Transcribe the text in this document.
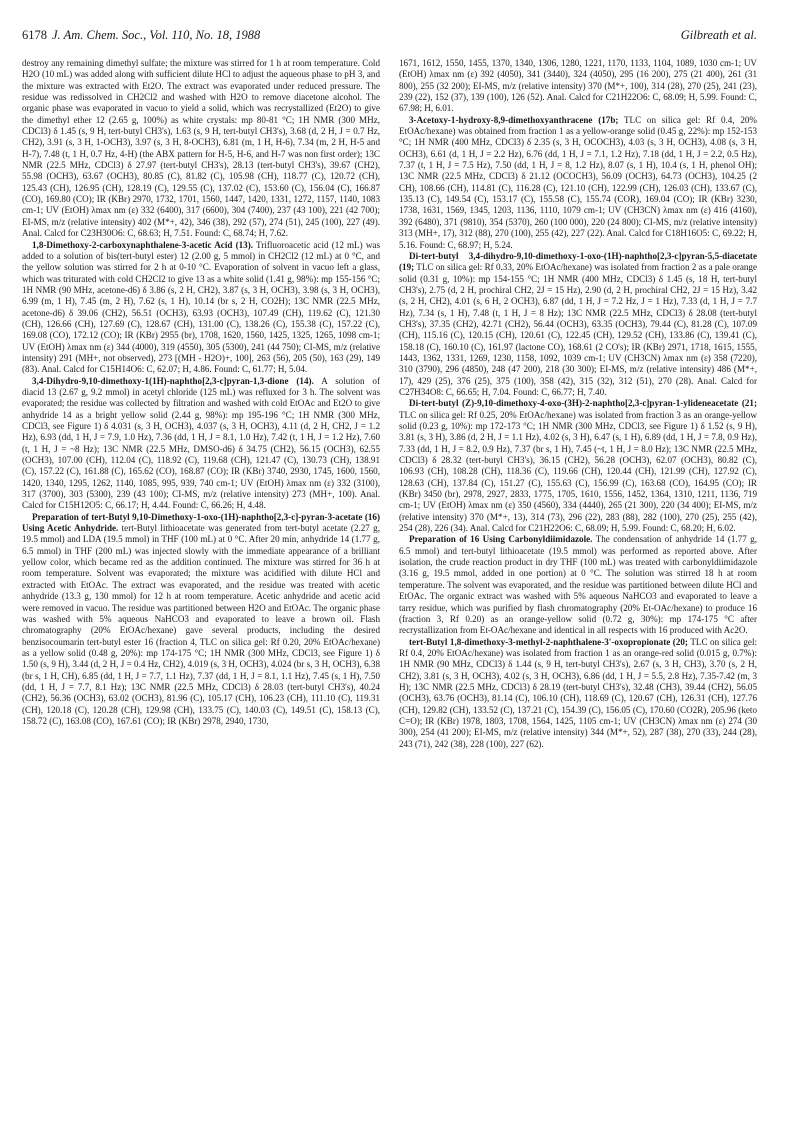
6178 J. Am. Chem. Soc., Vol. 110, No. 18, 1988	Gilbreath et al.

destroy any remaining dimethyl sulfate; the mixture was stirred for 1 h at room temperature. Cold H2O (10 mL) was added along with sufficient dilute HCl to adjust the aqueous phase to pH 3, and the mixture was extracted with Et2O. The extract was evaporated under reduced pressure. The residue was redissolved in CH2Cl2 and washed with H2O to remove diacetone alcohol. The organic phase was evaporated in vacuo to yield a solid, which was recrystallized (Et2O) to give the dimethyl ether 12 (2.65 g, 100%) as white crystals: mp 80-81 °C; 1H NMR (300 MHz, CDCl3) δ 1.45 (s, 9 H, tert-butyl CH3's), 1.63 (s, 9 H, tert-butyl CH3's), 3.68 (d, 2 H, J = 0.7 Hz, CH2), 3.91 (s, 3 H, 1-OCH3), 3.97 (s, 3 H, 8-OCH3), 6.81 (m, 1 H, H-6), 7.34 (m, 2 H, H-5 and H-7), 7.48 (t, 1 H, 0.7 Hz, 4-H) (the ABX pattern for H-5, H-6, and H-7 was non first order); 13C NMR (22.5 MHz, CDCl3) δ 27.97 (tert-butyl CH3's), 28.13 (tert-butyl CH3's), 39.67 (CH2), 55.98 (OCH3), 63.67 (OCH3), 80.85 (C), 81.82 (C), 105.98 (CH), 118.77 (C), 120.72 (CH), 125.43 (CH), 126.95 (CH), 128.19 (C), 129.55 (C), 137.02 (C), 153.60 (C), 156.04 (C), 166.87 (CO), 169.80 (CO); IR (KBr) 2970, 1732, 1701, 1560, 1447, 1420, 1331, 1272, 1157, 1140, 1083 cm-1; UV (EtOH) λmax nm (ε) 332 (6400), 317 (6600), 304 (7400), 237 (43 100), 221 (42 700); EI-MS, m/z (relative intensity) 402 (M*+, 42), 346 (38), 292 (57), 274 (51), 245 (100), 227 (49). Anal. Calcd for C23H30O6: C, 68.63; H, 7.51. Found: C, 68.74; H, 7.62.

1,8-Dimethoxy-2-carboxynaphthalene-3-acetic Acid (13). Trifluoroacetic acid (12 mL) was added to a solution of bis(tert-butyl ester) 12 (2.00 g, 5 mmol) in CH2Cl2 (12 mL) at 0 °C, and the yellow solution was stirred for 2 h at 0-10 °C. Evaporation of solvent in vacuo left a glass, which was triturated with cold CH2Cl2 to give 13 as a white solid (1.41 g, 98%): mp 155-156 °C; 1H NMR (90 MHz, acetone-d6) δ 3.86 (s, 2 H, CH2), 3.87 (s, 3 H, OCH3), 3.98 (s, 3 H, OCH3), 6.99 (m, 1 H), 7.45 (m, 2 H), 7.62 (s, 1 H), 10.14 (br s, 2 H, CO2H); 13C NMR (22.5 MHz, acetone-d6) δ 39.06 (CH2), 56.51 (OCH3), 63.93 (OCH3), 107.49 (CH), 119.62 (C), 121.30 (CH), 126.66 (CH), 127.69 (C), 128.67 (CH), 131.00 (C), 138.26 (C), 155.38 (C), 157.22 (C), 169.08 (CO), 172.12 (CO); IR (KBr) 2955 (br), 1708, 1620, 1560, 1425, 1325, 1265, 1098 cm-1; UV (EtOH) λmax nm (ε) 344 (4000), 319 (4550), 305 (5300), 241 (44 750); CI-MS, m/z (relative intensity) 291 (MH+, not observed), 273 [(MH - H2O)+, 100], 263 (56), 205 (50), 163 (29), 149 (83). Anal. Calcd for C15H14O6: C, 62.07; H, 4.86. Found: C, 61.77; H, 5.04.

3,4-Dihydro-9,10-dimethoxy-1(1H)-naphtho[2,3-c]pyran-1,3-dione (14). A solution of diacid 13 (2.67 g, 9.2 mmol) in acetyl chloride (125 mL) was refluxed for 3 h. The solvent was evaporated; the residue was collected by filtration and washed with cold EtOAc and Et2O to give anhydride 14 as a bright yellow solid (2.44 g, 98%): mp 195-196 °C; 1H NMR (300 MHz, CDCl3, see Figure 1) δ 4.031 (s, 3 H, OCH3), 4.037 (s, 3 H, OCH3), 4.11 (d, 2 H, CH2, J = 1.2 Hz), 6.93 (dd, 1 H, J = 7.9, 1.0 Hz), 7.36 (dd, 1 H, J = 8.1, 1.0 Hz), 7.42 (t, 1 H, J = 1.2 Hz), 7.60 (t, 1 H, J = ~8 Hz); 13C NMR (22.5 MHz, DMSO-d6) δ 34.75 (CH2), 56.15 (OCH3), 62.55 (OCH3), 107.00 (CH), 112.04 (C), 118.92 (C), 119.68 (CH), 121.47 (C), 130.73 (CH), 138.91 (C), 157.22 (C), 161.88 (C), 165.62 (CO), 168.87 (CO); IR (KBr) 3740, 2930, 1745, 1600, 1560, 1420, 1340, 1295, 1262, 1140, 1085, 995, 939, 740 cm-1; UV (EtOH) λmax nm (ε) 332 (3100), 317 (3700), 303 (5300), 239 (43 100); CI-MS, m/z (relative intensity) 273 (MH+, 100). Anal. Calcd for C15H12O5: C, 66.17; H, 4.44. Found: C, 66.26; H, 4.48.

Preparation of tert-Butyl 9,10-Dimethoxy-1-oxo-(1H)-naphtho[2,3-c]-pyran-3-acetate (16) Using Acetic Anhydride. tert-Butyl lithioacetate was generated from tert-butyl acetate (2.27 g, 19.5 mmol) and LDA (19.5 mmol) in THF (100 mL) at 0 °C. After 20 min, anhydride 14 (1.77 g, 6.5 mmol) in THF (200 mL) was injected slowly with the immediate appearance of a brilliant yellow color, which became red as the addition continued. The mixture was stirred for 36 h at room temperature. Solvent was evaporated; the mixture was acidified with dilute HCl and extracted with EtOAc. The extract was evaporated, and the residue was treated with acetic anhydride (13.3 g, 130 mmol) for 12 h at room temperature. Acetic anhydride and acetic acid were removed in vacuo. The residue was partitioned between H2O and EtOAc. The organic phase was washed with 5% aqueous NaHCO3 and evaporated to leave a brown oil. Flash chromatography (20% EtOAc/hexane) gave several products, including the desired benzisocoumarin tert-butyl ester 16 (fraction 4, TLC on silica gel: Rf 0.20, 20% EtOAc/hexane) as a yellow solid (0.48 g, 20%): mp 174-175 °C; 1H NMR (300 MHz, CDCl3, see Figure 1) δ 1.50 (s, 9 H), 3.44 (d, 2 H, J = 0.4 Hz, CH2), 4.019 (s, 3 H, OCH3), 4.024 (br s, 3 H, OCH3), 6.38 (br s, 1 H, CH), 6.85 (dd, 1 H, J = 7.7, 1.1 Hz), 7.37 (dd, 1 H, J = 8.1, 1.1 Hz), 7.45 (s, 1 H), 7.50 (dd, 1 H, J = 7.7, 8.1 Hz); 13C NMR (22.5 MHz, CDCl3) δ 28.03 (tert-butyl CH3's), 40.24 (CH2), 56.36 (OCH3), 63.02 (OCH3), 81.96 (C), 105.17 (CH), 106.23 (CH), 111.10 (C), 119.31 (CH), 120.18 (C), 120.28 (CH), 129.98 (CH), 133.75 (C), 140.03 (C), 149.51 (C), 158.13 (C), 158.72 (C), 163.08 (CO), 167.61 (CO); IR (KBr) 2978, 2940, 1730,

1671, 1612, 1550, 1455, 1370, 1340, 1306, 1280, 1221, 1170, 1133, 1104, 1089, 1030 cm-1; UV (EtOH) λmax nm (ε) 392 (4050), 341 (3440), 324 (4050), 295 (16 200), 275 (21 400), 261 (31 800), 255 (32 200); EI-MS, m/z (relative intensity) 370 (M*+, 100), 314 (28), 270 (25), 241 (23), 239 (22), 152 (37), 139 (100), 126 (52). Anal. Calcd for C21H22O6: C, 68.09; H, 5.99. Found: C, 67.98; H, 6.01.

3-Acetoxy-1-hydroxy-8,9-dimethoxyanthracene (17b; TLC on silica gel: Rf 0.4, 20% EtOAc/hexane) was obtained from fraction 1 as a yellow-orange solid (0.45 g, 22%): mp 152-153 °C; 1H NMR (400 MHz, CDCl3) δ 2.35 (s, 3 H, OCOCH3), 4.03 (s, 3 H, OCH3), 4.08 (s, 3 H, OCH3), 6.61 (d, 1 H, J = 2.2 Hz), 6.76 (dd, 1 H, J = 7.1, 1.2 Hz), 7.18 (dd, 1 H, J = 2.2, 0.5 Hz), 7.37 (t, 1 H, J = 7.5 Hz), 7.50 (dd, 1 H, J = 8, 1.2 Hz), 8.07 (s, 1 H), 10.4 (s, 1 H, phenol OH); 13C NMR (22.5 MHz, CDCl3) δ 21.12 (OCOCH3), 56.09 (OCH3), 64.73 (OCH3), 104.25 (2 CH), 108.66 (CH), 114.81 (C), 116.28 (C), 121.10 (CH), 122.99 (CH), 126.03 (CH), 133.67 (C), 135.13 (C), 149.54 (C), 153.17 (C), 155.58 (C), 155.74 (COR), 169.04 (CO); IR (KBr) 3230, 1738, 1631, 1569, 1345, 1203, 1136, 1110, 1079 cm-1; UV (CH3CN) λmax nm (ε) 416 (4160), 392 (6480), 371 (9810), 354 (5370), 260 (100 000), 220 (24 800); CI-MS, m/z (relative intensity) 313 (MH+, 17), 312 (88), 270 (100), 255 (42), 227 (22). Anal. Calcd for C18H16O5: C, 69.22; H, 5.16. Found: C, 68.97; H, 5.24.

Di-tert-butyl 3,4-dihydro-9,10-dimethoxy-1-oxo-(1H)-naphtho[2,3-c]pyran-5,5-diacetate (19; TLC on silica gel: Rf 0.33, 20% EtOAc/hexane) was isolated from fraction 2 as a pale orange solid (0.31 g, 10%): mp 154-155 °C; 1H NMR (400 MHz, CDCl3) δ 1.45 (s, 18 H, tert-butyl CH3's), 2.75 (d, 2 H, prochiral CH2, 2J = 15 Hz), 2.90 (d, 2 H, prochiral CH2, 2J = 15 Hz), 3.42 (s, 2 H, CH2), 4.01 (s, 6 H, 2 OCH3), 6.87 (dd, 1 H, J = 7.2 Hz, J = 1 Hz), 7.33 (d, 1 H, J = 7.7 Hz), 7.34 (s, 1 H), 7.48 (t, 1 H, J = 8 Hz); 13C NMR (22.5 MHz, CDCl3) δ 28.08 (tert-butyl CH3's), 37.35 (CH2), 42.71 (CH2), 56.44 (OCH3), 63.35 (OCH3), 79.44 (C), 81.28 (C), 107.09 (CH), 115.16 (C), 120.15 (CH), 120.61 (C), 122.45 (CH), 129.52 (CH), 133.86 (C), 139.41 (C), 158.18 (C), 160.10 (C), 161.97 (lactone CO), 168.61 (2 CO's); IR (KBr) 2971, 1718, 1615, 1555, 1443, 1362, 1331, 1269, 1230, 1158, 1092, 1039 cm-1; UV (CH3CN) λmax nm (ε) 358 (7220), 310 (3790), 296 (4850), 248 (47 200), 218 (30 300); EI-MS, m/z (relative intensity) 486 (M*+, 17), 429 (25), 376 (25), 375 (100), 358 (42), 315 (32), 312 (51), 270 (28). Anal. Calcd for C27H34O8: C, 66.65; H, 7.04. Found: C, 66.77; H, 7.40.

Di-tert-butyl (Z)-9,10-dimethoxy-4-oxo-(3H)-2-naphtho[2,3-c]pyran-1-ylideneacetate (21; TLC on silica gel: Rf 0.25, 20% EtOAc/hexane) was isolated from fraction 3 as an orange-yellow solid (0.23 g, 10%): mp 172-173 °C; 1H NMR (300 MHz, CDCl3, see Figure 1) δ 1.52 (s, 9 H), 3.81 (s, 3 H), 3.86 (d, 2 H, J = 1.1 Hz), 4.02 (s, 3 H), 6.47 (s, 1 H), 6.89 (dd, 1 H, J = 7.8, 0.9 Hz), 7.33 (dd, 1 H, J = 8.2, 0.9 Hz), 7.37 (br s, 1 H), 7.45 (~t, 1 H, J = 8.0 Hz); 13C NMR (22.5 MHz, CDCl3) δ 28.32 (tert-butyl CH3's), 36.15 (CH2), 56.28 (OCH3), 62.07 (OCH3), 80.82 (C), 106.93 (CH), 108.28 (CH), 118.36 (C), 119.66 (CH), 120.44 (CH), 121.99 (CH), 127.92 (C), 128.63 (CH), 137.84 (C), 151.27 (C), 155.63 (C), 156.99 (C), 163.68 (CO), 164.95 (CO); IR (KBr) 3450 (br), 2978, 2927, 2833, 1775, 1705, 1610, 1556, 1452, 1364, 1310, 1211, 1136, 719 cm-1; UV (EtOH) λmax nm (ε) 350 (4560), 334 (4440), 265 (21 300), 220 (34 400); EI-MS, m/z (relative intensity) 370 (M*+, 13), 314 (73), 296 (22), 283 (88), 282 (100), 270 (25), 255 (42), 254 (28), 226 (34). Anal. Calcd for C21H22O6: C, 68.09; H, 5.99. Found: C, 68.20; H, 6.02.

Preparation of 16 Using Carbonyldiimidazole. The condensation of anhydride 14 (1.77 g, 6.5 mmol) and tert-butyl lithioacetate (19.5 mmol) was performed as reported above. After isolation, the crude reaction product in dry THF (100 mL) was treated with carbonyldiimidazole (3.16 g, 19.5 mmol, added in one portion) at 0 °C. The solution was stirred 18 h at room temperature. The solvent was evaporated, and the residue was partitioned between dilute HCl and EtOAc. The organic extract was washed with 5% aqueous NaHCO3 and evaporated to leave a tarry residue, which was purified by flash chromatography (20% Et-OAc/hexane) to produce 16 (fraction 3, Rf 0.20) as an orange-yellow solid (0.72 g, 30%): mp 174-175 °C after recrystallization from Et-OAc/hexane and identical in all respects with 16 produced with Ac2O.

tert-Butyl 1,8-dimethoxy-3-methyl-2-naphthalene-3'-oxopropionate (20; TLC on silica gel: Rf 0.4, 20% EtOAc/hexane) was isolated from fraction 1 as an orange-red solid (0.015 g, 0.7%): 1H NMR (90 MHz, CDCl3) δ 1.44 (s, 9 H, tert-butyl CH3's), 2.67 (s, 3 H, CH3), 3.70 (s, 2 H, CH2), 3.81 (s, 3 H, OCH3), 4.02 (s, 3 H, OCH3), 6.86 (dd, 1 H, J = 5.5, 2.8 Hz), 7.35-7.42 (m, 3 H); 13C NMR (22.5 MHz, CDCl3) δ 28.19 (tert-butyl CH3's), 32.48 (CH3), 39.44 (CH2), 56.05 (OCH3), 63.76 (OCH3), 81.14 (C), 106.10 (CH), 118.69 (C), 120.67 (CH), 126.31 (CH), 127.76 (CH), 129.82 (CH), 133.52 (C), 137.21 (C), 154.39 (C), 156.05 (C), 170.60 (CO2R), 205.96 (keto C=O); IR (KBr) 1978, 1803, 1708, 1564, 1425, 1105 cm-1; UV (CH3CN) λmax nm (ε) 274 (30 300), 254 (41 200); EI-MS, m/z (relative intensity) 344 (M*+, 52), 287 (38), 270 (33), 244 (28), 243 (71), 242 (38), 228 (100), 227 (62).
